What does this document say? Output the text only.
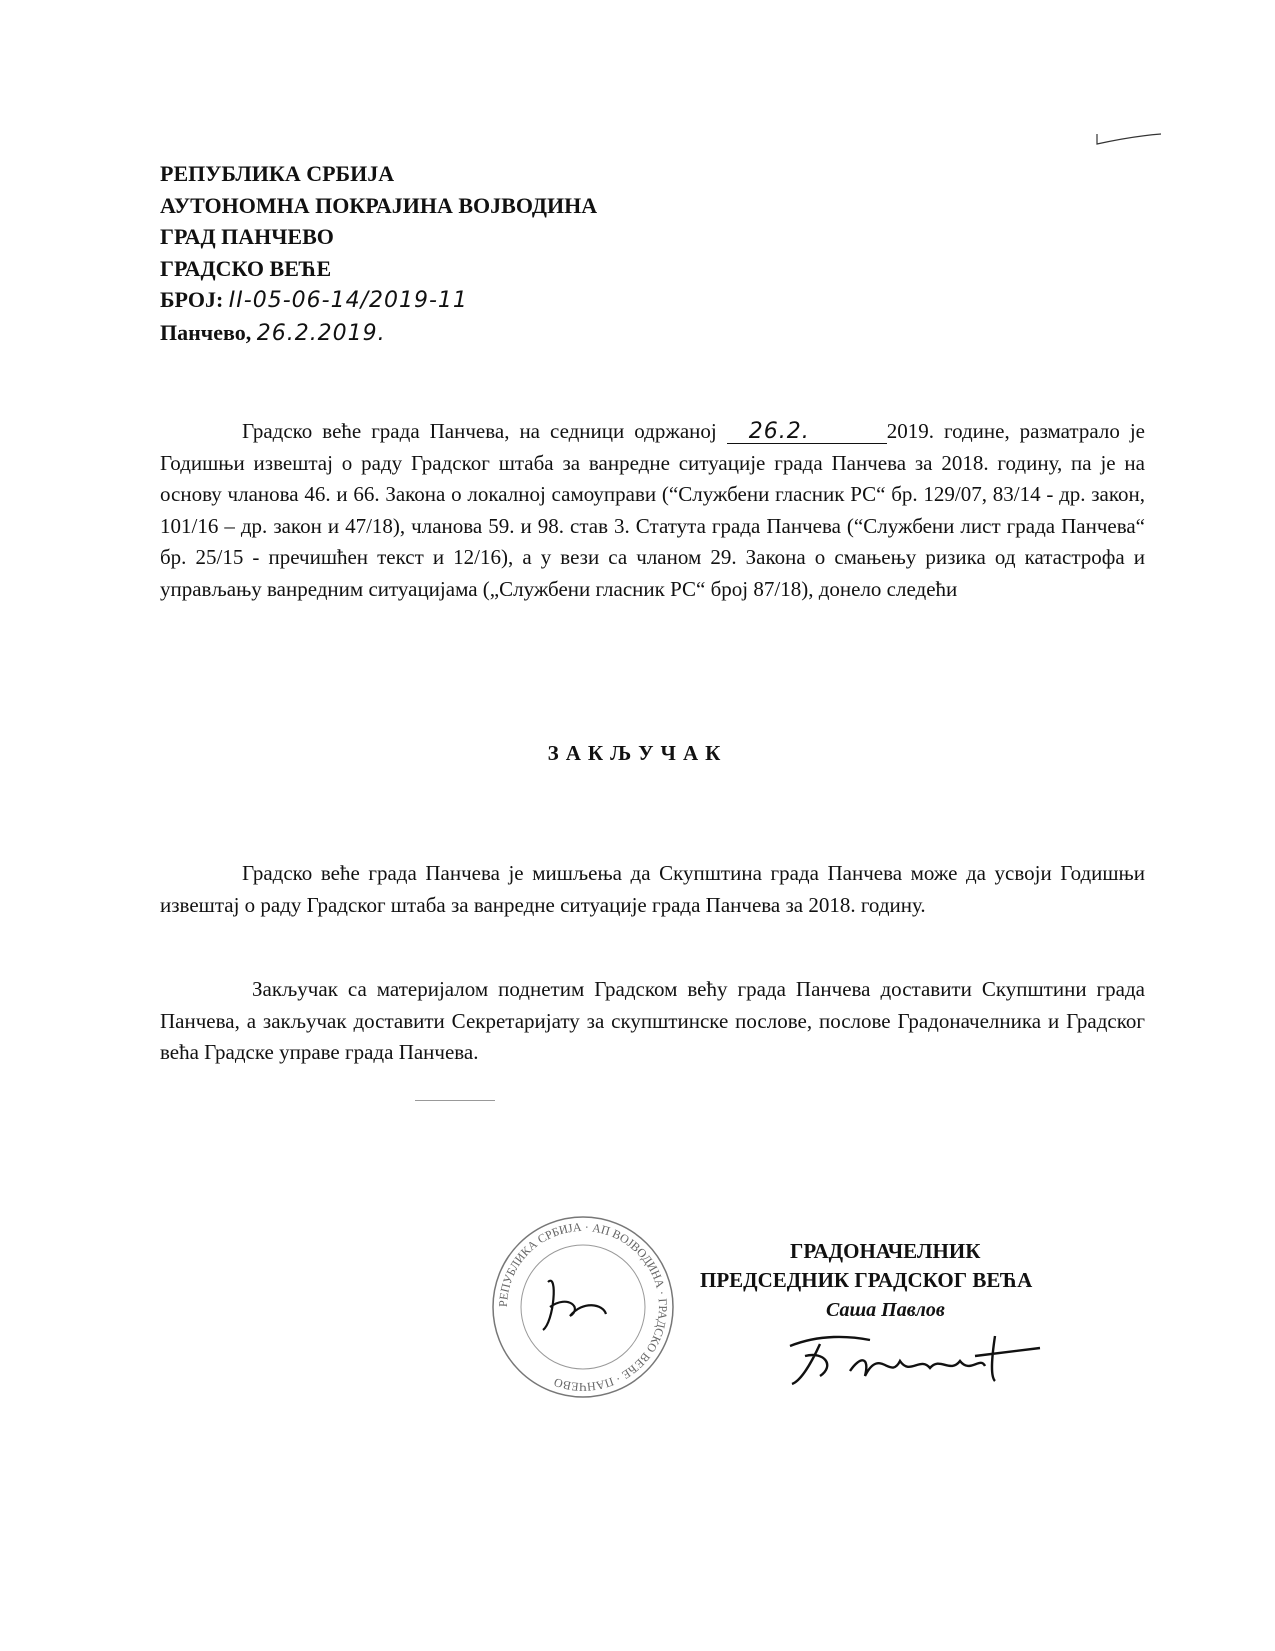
РЕПУБЛИКА СРБИЈА
АУТОНОМНА ПОКРАЈИНА ВОЈВОДИНА
ГРАД ПАНЧЕВО
ГРАДСКО ВЕЋЕ
БРОЈ: II-05-06-14/2019-11
Панчево, 26.2.2019.

Градско веће града Панчева, на седници одржаној 26.2.	2019. године, разматрало је Годишњи извештај о раду Градског штаба за ванредне ситуације града Панчева за 2018. годину, па је на основу чланова 46. и 66. Закона о локалној самоуправи (“Службени гласник РС“ бр. 129/07, 83/14 - др. закон, 101/16 – др. закон и 47/18), чланова 59. и 98. став 3. Статута града Панчева (“Службени лист града Панчева“ бр. 25/15 - пречишћен текст и 12/16), а у вези са чланом 29. Закона о смањењу ризика од катастрофа и управљању ванредним ситуацијама („Службени гласник РС“ број 87/18), донело следећи

ЗАКЉУЧАК

Градско веће града Панчева је мишљења да Скупштина града Панчева може да усвоји Годишњи извештај о раду Градског штаба за ванредне ситуације града Панчева за 2018. годину.

Закључак са материјалом поднетим Градском већу града Панчева доставити Скупштини града Панчева, а закључак доставити Секретаријату за скупштинске послове, послове Градоначелника и Градског већа Градске управе града Панчева.

РЕПУБЛИКА СРБИЈА · АП ВОЈВОДИНА · ГРАДСКО ВЕЋЕ · ПАНЧЕВО
ГРАДОНАЧЕЛНИК
ПРЕДСЕДНИК ГРАДСКОГ ВЕЋА
Саша Павлов
